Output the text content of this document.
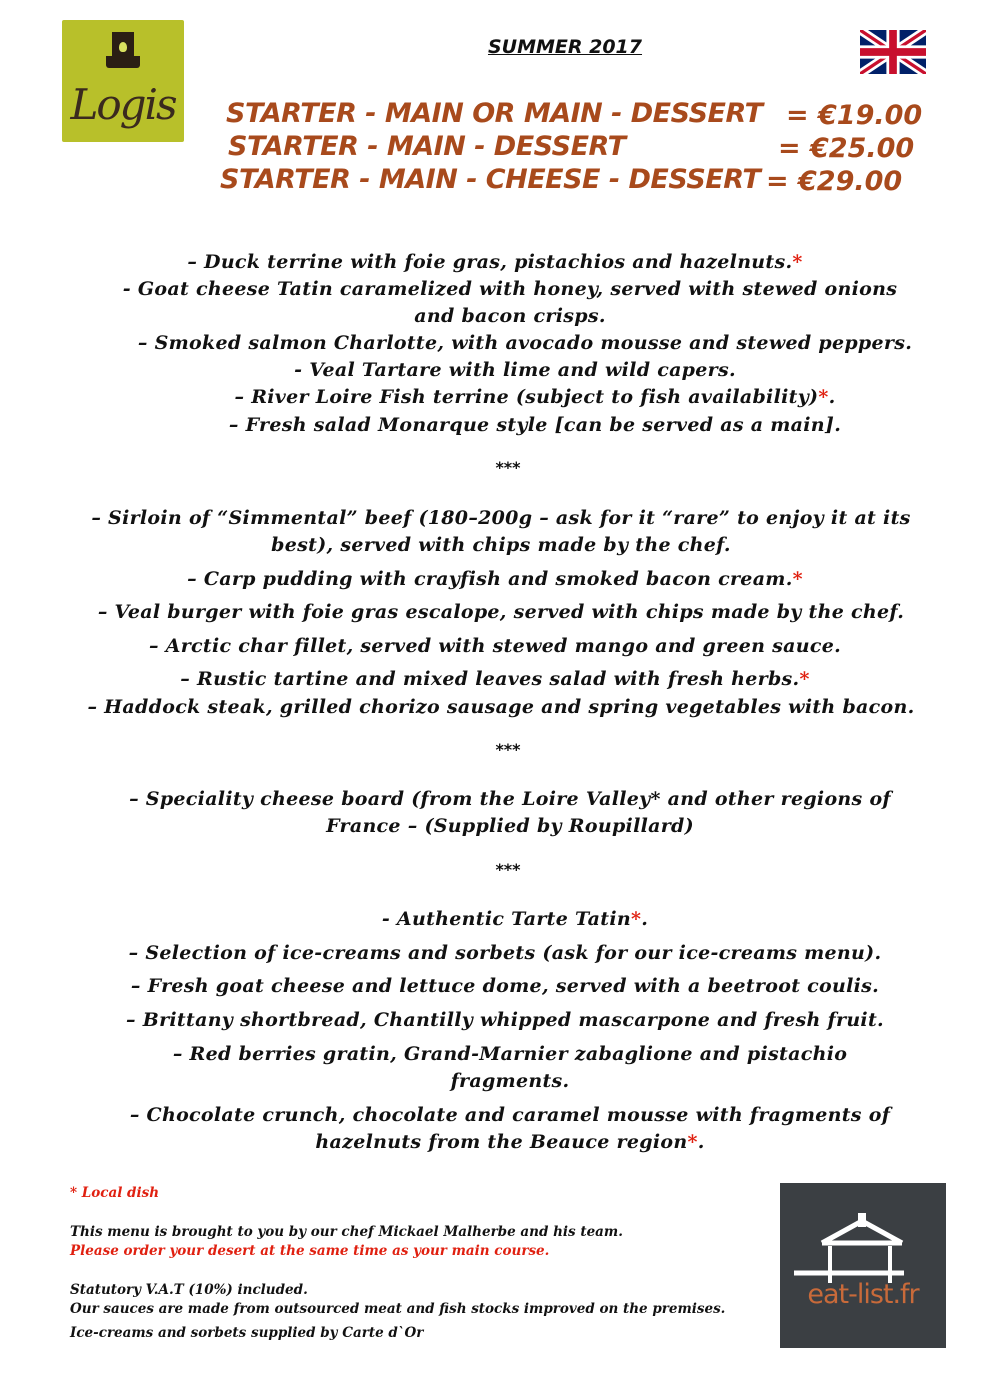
Logis
SUMMER 2017
STARTER - MAIN OR MAIN - DESSERT = €19.00
STARTER - MAIN - DESSERT	= €25.00
STARTER - MAIN - CHEESE - DESSERT = €29.00
– Duck terrine with foie gras, pistachios and hazelnuts.*
- Goat cheese Tatin caramelized with honey, served with stewed onions and bacon crisps.
– Smoked salmon Charlotte, with avocado mousse and stewed peppers.
- Veal Tartare with lime and wild capers.
– River Loire Fish terrine (subject to fish availability)*.
– Fresh salad Monarque style [can be served as a main].
***
– Sirloin of “Simmental” beef (180–200g – ask for it “rare” to enjoy it at its best), served with chips made by the chef.
– Carp pudding with crayfish and smoked bacon cream.*
– Veal burger with foie gras escalope, served with chips made by the chef.
– Arctic char fillet, served with stewed mango and green sauce.
– Rustic tartine and mixed leaves salad with fresh herbs.*
– Haddock steak, grilled chorizo sausage and spring vegetables with bacon.
***
– Speciality cheese board (from the Loire Valley* and other regions of France – (Supplied by Roupillard)
***
- Authentic Tarte Tatin*.
– Selection of ice-creams and sorbets (ask for our ice-creams menu).
– Fresh goat cheese and lettuce dome, served with a beetroot coulis.
– Brittany shortbread, Chantilly whipped mascarpone and fresh fruit.
– Red berries gratin, Grand-Marnier zabaglione and pistachio fragments.
– Chocolate crunch, chocolate and caramel mousse with fragments of hazelnuts from the Beauce region*.
* Local dish
This menu is brought to you by our chef Mickael Malherbe and his team.
Please order your desert at the same time as your main course.
Statutory V.A.T (10%) included.
Our sauces are made from outsourced meat and fish stocks improved on the premises.
Ice-creams and sorbets supplied by Carte d`Or
eat-list.fr
